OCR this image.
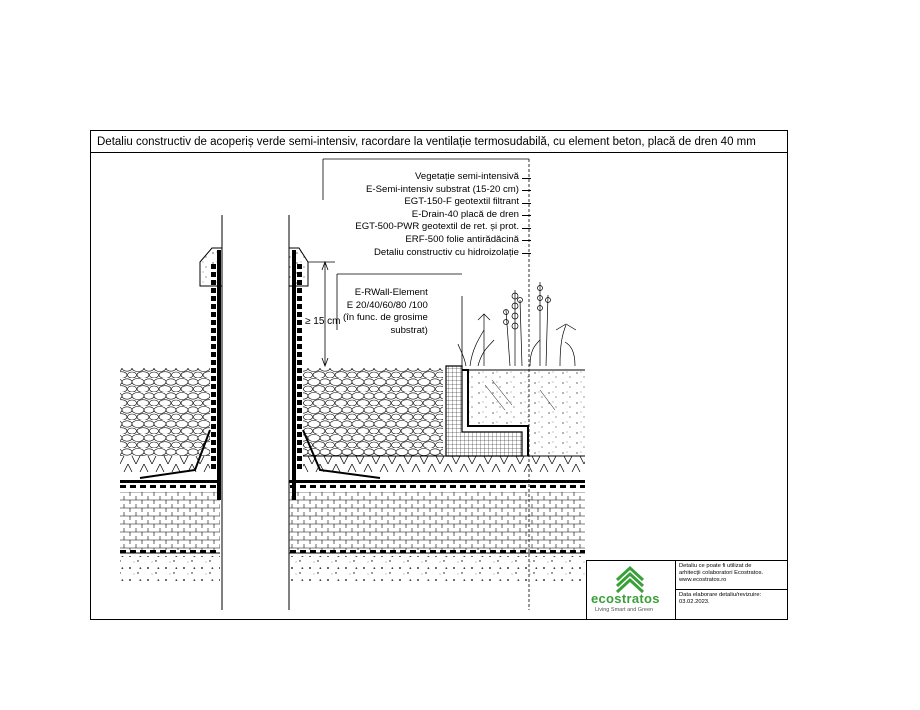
Detaliu constructiv de acoperiș verde semi-intensiv, racordare la ventilație termosudabilă, cu element beton, placă de dren 40 mm
Vegetație semi-intensivă
E-Semi-intensiv substrat (15-20 cm)
EGT-150-F geotextil filtrant
E-Drain-40 placă de dren
EGT-500-PWR geotextil de ret. și prot.
ERF-500 folie antirădăcină
Detaliu constructiv cu hidroizolație
E-RWall-Element
E 20/40/60/80 /100
(în func. de grosime
substrat)
≥ 15 cm
ecostratos
Living Smart and Green
Detaliu ce poate fi utilizat de
arhitecții colaboratori Ecostratos.
www.ecostratos.ro
Data elaborare detaliu/revizuire:
03.02.2023.
